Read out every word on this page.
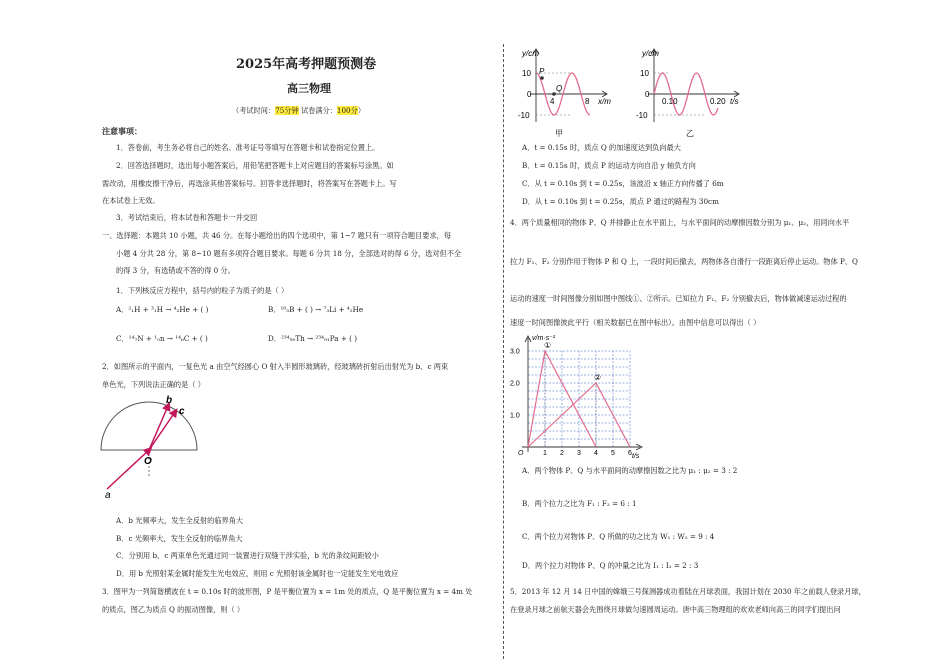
2025年高考押题预测卷
高三物理
（考试时间：75分钟 试卷满分：100分）
注意事项：
1．答卷前，考生务必将自己的姓名、准考证号等填写在答题卡和试卷指定位置上。
2．回答选择题时，选出每小题答案后，用铅笔把答题卡上对应题目的答案标号涂黑。如
需改动，用橡皮擦干净后，再选涂其他答案标号。回答非选择题时，将答案写在答题卡上。写
在本试卷上无效。
3．考试结束后，将本试卷和答题卡一并交回
一、选择题：本题共 10 小题，共 46 分。在每小题给出的四个选项中，第 1~7 题只有一项符合题目要求，每
小题 4 分共 28 分，第 8~10 题有多项符合题目要求。每题 6 分共 18 分，全部选对的得 6 分，选对但不全
的得 3 分，有选错或不答的得 0 分。
1．下列核反应方程中，括号内的粒子为质子的是（ ）
A．²₁H + ³₁H → ⁴₂He + ( )	B．¹⁰₅B + ( ) → ⁷₃Li + ⁴₂He
C．¹⁴₇N + ¹₀n → ¹⁴₆C + ( )	D．²³⁴₉₀Th → ²³⁴₉₁Pa + ( )
2．如图所示的平面内，一复色光 a 由空气经圆心 O 射入半圆形玻璃砖，经玻璃砖折射后出射光为 b、c 两束
单色光，下列说法正确的是（ ）
a
b
c
O
A．b 光频率大，发生全反射的临界角大
B．c 光频率大，发生全反射的临界角大
C．分别用 b、c 两束单色光通过同一装置进行双缝干涉实验，b 光的条纹间距较小
D．用 b 光照射某金属时能发生光电效应，则用 c 光照射该金属时也一定能发生光电效应
3．图甲为一列简谐横波在 t = 0.10s 时的波形图，P 是平衡位置为 x = 1m 处的质点，Q 是平衡位置为 x = 4m 处
的质点，图乙为质点 Q 的振动图像，则（ ）
y/cm
10
0
-10
4	8 x/m
P
Q
甲
y/cm
10
0
-10
0.10	0.20 t/s
乙
A．t = 0.15s 时，质点 Q 的加速度达到负向最大
B．t = 0.15s 时，质点 P 的运动方向自沿 y 轴负方向
C．从 t = 0.10s 到 t = 0.25s，该波沿 x 轴正方向传播了 6m
D．从 t = 0.10s 到 t = 0.25s，质点 P 通过的路程为 30cm
4．两个质量相同的物体 P、Q 并排静止在水平面上，与水平面间的动摩擦因数分别为 μ₁、μ₂，用同向水平
拉力 F₁、F₂ 分别作用于物体 P 和 Q 上，一段时间后撤去，两物体各自滑行一段距离后停止运动。物体 P、Q
运动的速度一时间图像分别如图中图线①、②所示。已知拉力 F₁、F₂ 分别撤去后，物体做减速运动过程的
速度一时间图像彼此平行（相关数据已在图中标出）。由图中信息可以得出（ ）
1 2 3 4 5 6
1.0
2.0
3.0
①
②
v/m·s⁻¹
t/s
O
A．两个物体 P、Q 与水平面间的动摩擦因数之比为 μ₁ : μ₂ = 3 : 2
B．两个拉力之比为 F₁ : F₂ = 6 : 1
C．两个拉力对物体 P、Q 所做的功之比为 W₁ : W₂ = 9 : 4
D．两个拉力对物体 P、Q 的冲量之比为 I₁ : I₂ = 2 : 3
5．2013 年 12 月 14 日中国的嫦娥三号探测器成功着陆在月球表面，我国计划在 2030 年之前载人登录月球，
在登录月球之前航天器会先围绕月球做匀速圆周运动。唐中高三物理组的欢欢老师向高三的同学们提出问
